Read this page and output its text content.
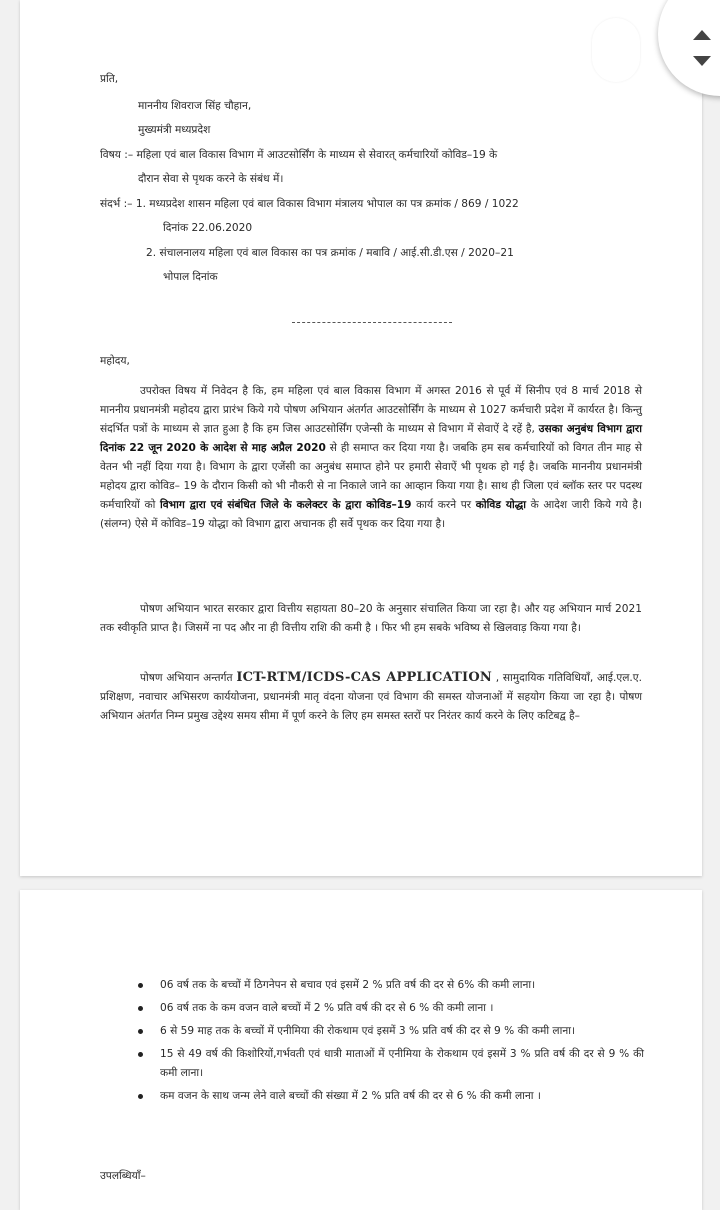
प्रति,
माननीय शिवराज सिंह चौहान,
मुख्यमंत्री मध्यप्रदेश
विषय :– महिला एवं बाल विकास विभाग में आउटसोर्सिंग के माध्यम से सेवारत् कर्मचारियों कोविड–19 के
दौरान सेवा से पृथक करने के संबंध में।
संदर्भ :– 1. मध्यप्रदेश शासन महिला एवं बाल विकास विभाग मंत्रालय भोपाल का पत्र क्रमांक / 869 / 1022
दिनांक 22.06.2020
2. संचालनालय महिला एवं बाल विकास का पत्र क्रमांक / मबावि / आई.सी.डी.एस / 2020–21
भोपाल दिनांक
महोदय,
उपरोक्त विषय में निवेदन है कि, हम महिला एवं बाल विकास विभाग में अगस्त 2016 से पूर्व में सिनीप एवं 8 मार्च 2018 से माननीय प्रधानमंत्री महोदय द्वारा प्रारंभ किये गये पोषण अभियान अंतर्गत आउटसोर्सिंग के माध्यम से 1027 कर्मचारी प्रदेश में कार्यरत है। किन्तु संदर्भित पत्रों के माध्यम से ज्ञात हुआ है कि हम जिस आउटसोर्सिंग एजेन्सी के माध्यम से विभाग में सेवाऐं दे रहें है, उसका अनुबंध विभाग द्वारा दिनांक 22 जून 2020 के आदेश से माह अप्रैल 2020 से ही समाप्त कर दिया गया है। जबकि हम सब कर्मचारियों को विगत तीन माह से वेतन भी नहीं दिया गया है। विभाग के द्वारा एजेंसी का अनुबंध समाप्त होने पर हमारी सेवाऐं भी पृथक हो गई है। जबकि माननीय प्रधानमंत्री महोदय द्वारा कोविड– 19 के दौरान किसी को भी नौकरी से ना निकाले जाने का आव्हान किया गया है। साथ ही जिला एवं ब्लॉक स्तर पर पदस्थ कर्मचारियों को विभाग द्वारा एवं संबंधित जिले के कलेक्टर के द्वारा कोविड–19 कार्य करने पर कोविड योद्धा के आदेश जारी किये गये है। (संलग्न) ऐसे में कोविड–19 योद्धा को विभाग द्वारा अचानक ही सर्वे पृथक कर दिया गया है।
पोषण अभियान भारत सरकार द्वारा वित्तीय सहायता 80–20 के अनुसार संचालित किया जा रहा है। और यह अभियान मार्च 2021 तक स्वीकृति प्राप्त है। जिसमें ना पद और ना ही वित्तीय राशि की कमी है । फिर भी हम सबके भविष्य से खिलवाड़ किया गया है।
पोषण अभियान अन्तर्गत ICT-RTM/ICDS-CAS APPLICATION , सामुदायिक गतिविधियाँ, आई.एल.ए. प्रशिक्षण, नवाचार अभिसरण कार्ययोजना, प्रधानमंत्री मातृ वंदना योजना एवं विभाग की समस्त योजनाओं में सहयोग किया जा रहा है। पोषण अभियान अंतर्गत निम्न प्रमुख उद्देश्य समय सीमा में पूर्ण करने के लिए हम समस्त स्तरों पर निरंतर कार्य करने के लिए कटिबद्व है–
06 वर्ष तक के बच्चों में ठिगनेपन से बचाव एवं इसमें 2 % प्रति वर्ष की दर से 6% की कमी लाना।
06 वर्ष तक के कम वजन वाले बच्चों में 2 % प्रति वर्ष की दर से 6 % की कमी लाना ।
6 से 59 माह तक के बच्चों में एनीमिया की रोकथाम एवं इसमें 3 % प्रति वर्ष की दर से 9 % की कमी लाना।
15 से 49 वर्ष की किशोरियों,गर्भवती एवं धात्री माताओं में एनीमिया के रोकथाम एवं इसमें 3 % प्रति वर्ष की दर से 9 % की कमी लाना।
कम वजन के साथ जन्म लेने वाले बच्चों की संख्या में 2 % प्रति वर्ष की दर से 6 % की कमी लाना ।
उपलब्धियाँ–
